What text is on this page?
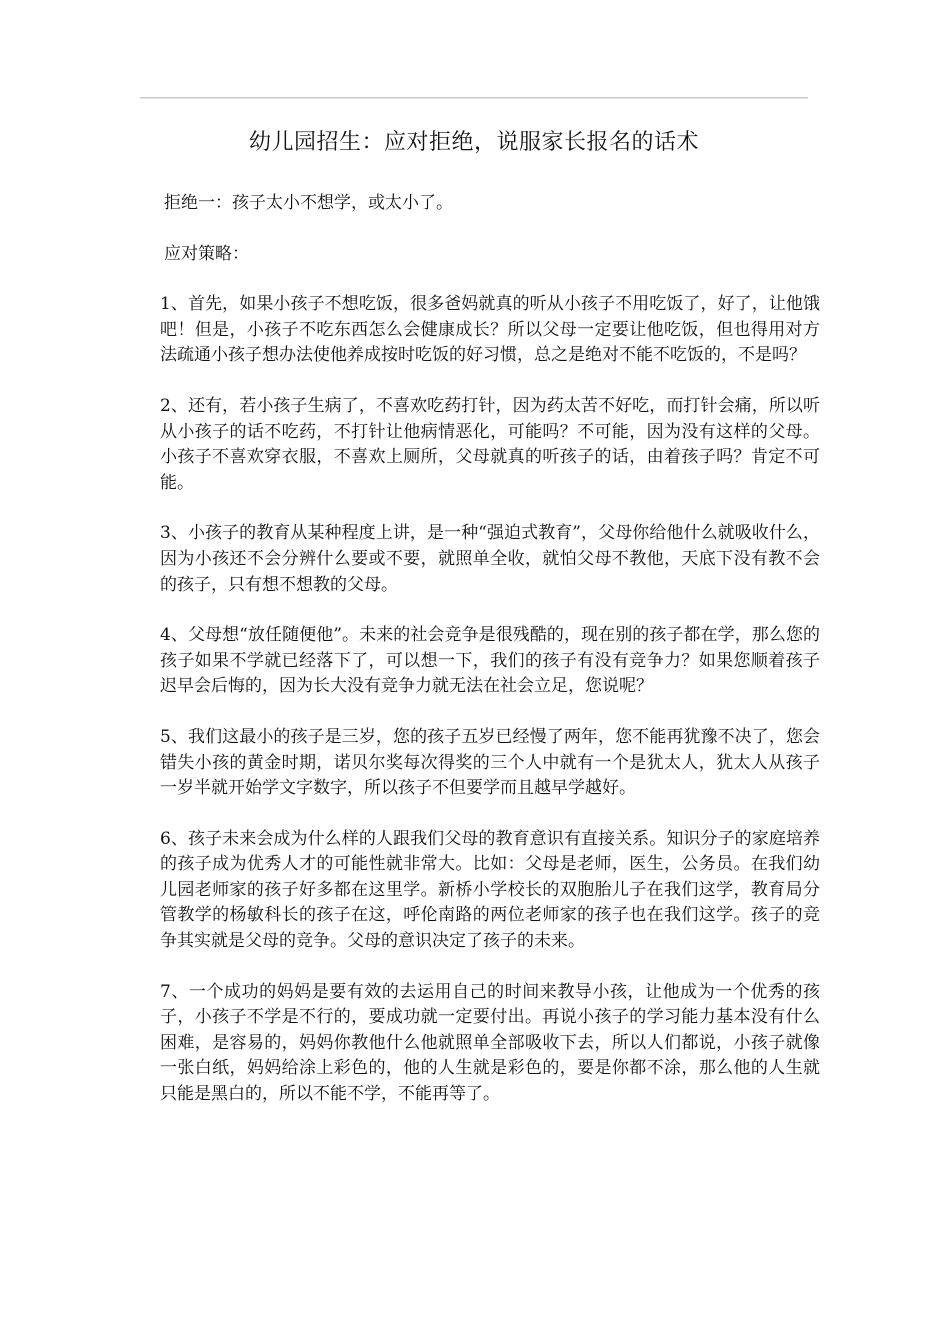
幼儿园招生：应对拒绝，说服家长报名的话术

拒绝一：孩子太小不想学，或太小了。

应对策略：

1、首先，如果小孩子不想吃饭，很多爸妈就真的听从小孩子不用吃饭了，好了，让他饿吧！但是，小孩子不吃东西怎么会健康成长？所以父母一定要让他吃饭，但也得用对方法疏通小孩子想办法使他养成按时吃饭的好习惯，总之是绝对不能不吃饭的，不是吗？

2、还有，若小孩子生病了，不喜欢吃药打针，因为药太苦不好吃，而打针会痛，所以听从小孩子的话不吃药，不打针让他病情恶化，可能吗？不可能，因为没有这样的父母。小孩子不喜欢穿衣服，不喜欢上厕所，父母就真的听孩子的话，由着孩子吗？肯定不可能。

3、小孩子的教育从某种程度上讲，是一种“强迫式教育”，父母你给他什么就吸收什么，因为小孩还不会分辨什么要或不要，就照单全收，就怕父母不教他，天底下没有教不会的孩子，只有想不想教的父母。

4、父母想“放任随便他”。未来的社会竞争是很残酷的，现在别的孩子都在学，那么您的孩子如果不学就已经落下了，可以想一下，我们的孩子有没有竞争力？如果您顺着孩子迟早会后悔的，因为长大没有竞争力就无法在社会立足，您说呢？

5、我们这最小的孩子是三岁，您的孩子五岁已经慢了两年，您不能再犹豫不决了，您会错失小孩的黄金时期，诺贝尔奖每次得奖的三个人中就有一个是犹太人，犹太人从孩子一岁半就开始学文字数字，所以孩子不但要学而且越早学越好。

6、孩子未来会成为什么样的人跟我们父母的教育意识有直接关系。知识分子的家庭培养的孩子成为优秀人才的可能性就非常大。比如：父母是老师，医生，公务员。在我们幼儿园老师家的孩子好多都在这里学。新桥小学校长的双胞胎儿子在我们这学，教育局分管教学的杨敏科长的孩子在这，呼伦南路的两位老师家的孩子也在我们这学。孩子的竞争其实就是父母的竞争。父母的意识决定了孩子的未来。

7、一个成功的妈妈是要有效的去运用自己的时间来教导小孩，让他成为一个优秀的孩子，小孩子不学是不行的，要成功就一定要付出。再说小孩子的学习能力基本没有什么困难，是容易的，妈妈你教他什么他就照单全部吸收下去，所以人们都说，小孩子就像一张白纸，妈妈给涂上彩色的，他的人生就是彩色的，要是你都不涂，那么他的人生就只能是黑白的，所以不能不学，不能再等了。
